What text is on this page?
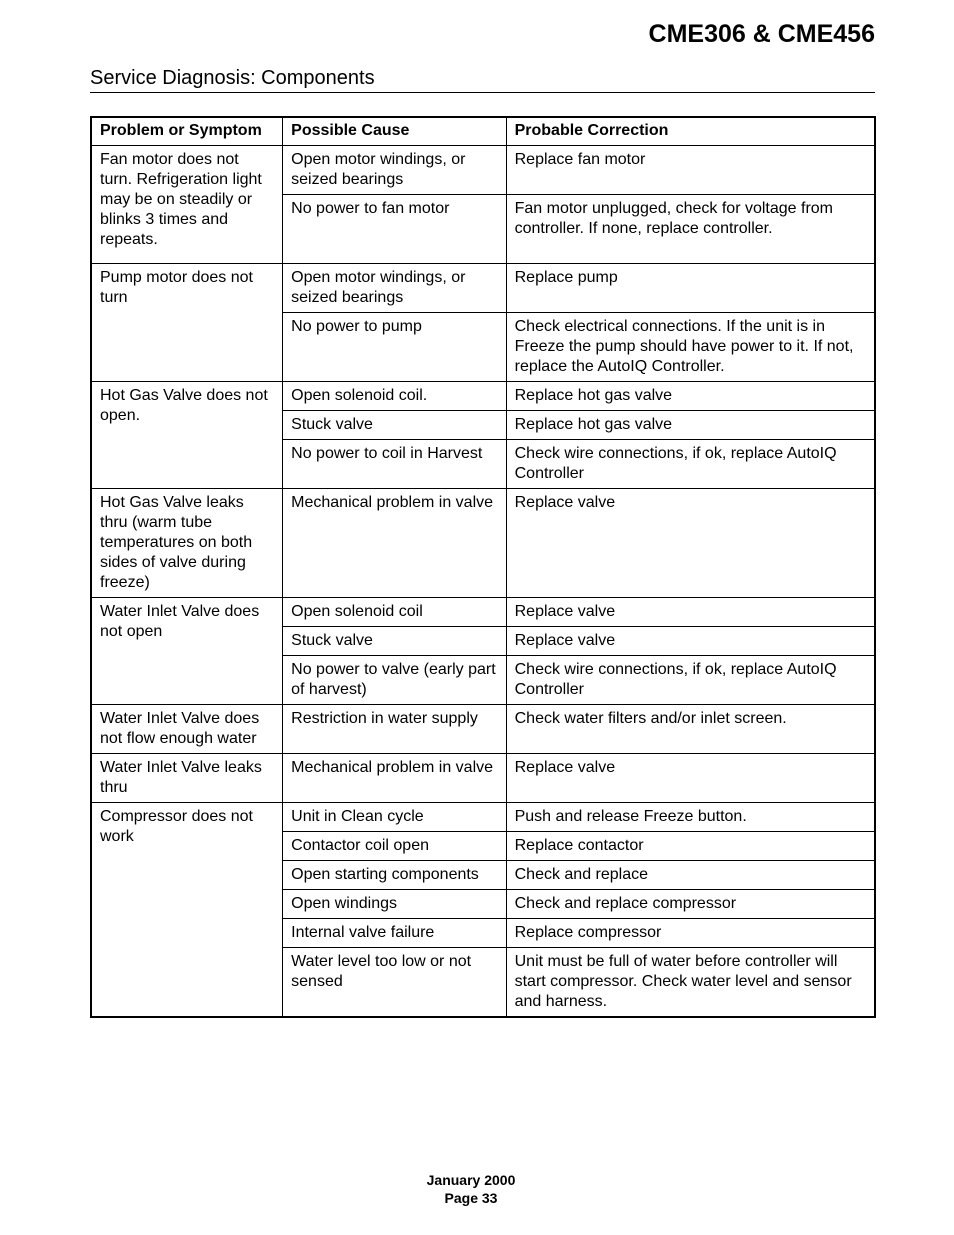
CME306 & CME456
Service Diagnosis: Components
Problem or Symptom	Possible Cause	Probable Correction
Fan motor does not turn. Refrigeration light may be on steadily or blinks 3 times and repeats.	Open motor windings, or seized bearings	Replace fan motor
	No power to fan motor	Fan motor unplugged, check for voltage from controller. If none, replace controller.
Pump motor does not turn	Open motor windings, or seized bearings	Replace pump
	No power to pump	Check electrical connections. If the unit is in Freeze the pump should have power to it. If not, replace the AutoIQ Controller.
Hot Gas Valve does not open.	Open solenoid coil.	Replace hot gas valve
	Stuck valve	Replace hot gas valve
	No power to coil in Harvest	Check wire connections, if ok, replace AutoIQ Controller
Hot Gas Valve leaks thru (warm tube temperatures on both sides of valve during freeze)	Mechanical problem in valve	Replace valve
Water Inlet Valve does not open	Open solenoid coil	Replace valve
	Stuck valve	Replace valve
	No power to valve (early part of harvest)	Check wire connections, if ok, replace AutoIQ Controller
Water Inlet Valve does not flow enough water	Restriction in water supply	Check water filters and/or inlet screen.
Water Inlet Valve leaks thru	Mechanical problem in valve	Replace valve
Compressor does not work	Unit in Clean cycle	Push and release Freeze button.
	Contactor coil open	Replace contactor
	Open starting components	Check and replace
	Open windings	Check and replace compressor
	Internal valve failure	Replace compressor
	Water level too low or not sensed	Unit must be full of water before controller will start compressor. Check water level and sensor and harness.
January 2000
Page 33
